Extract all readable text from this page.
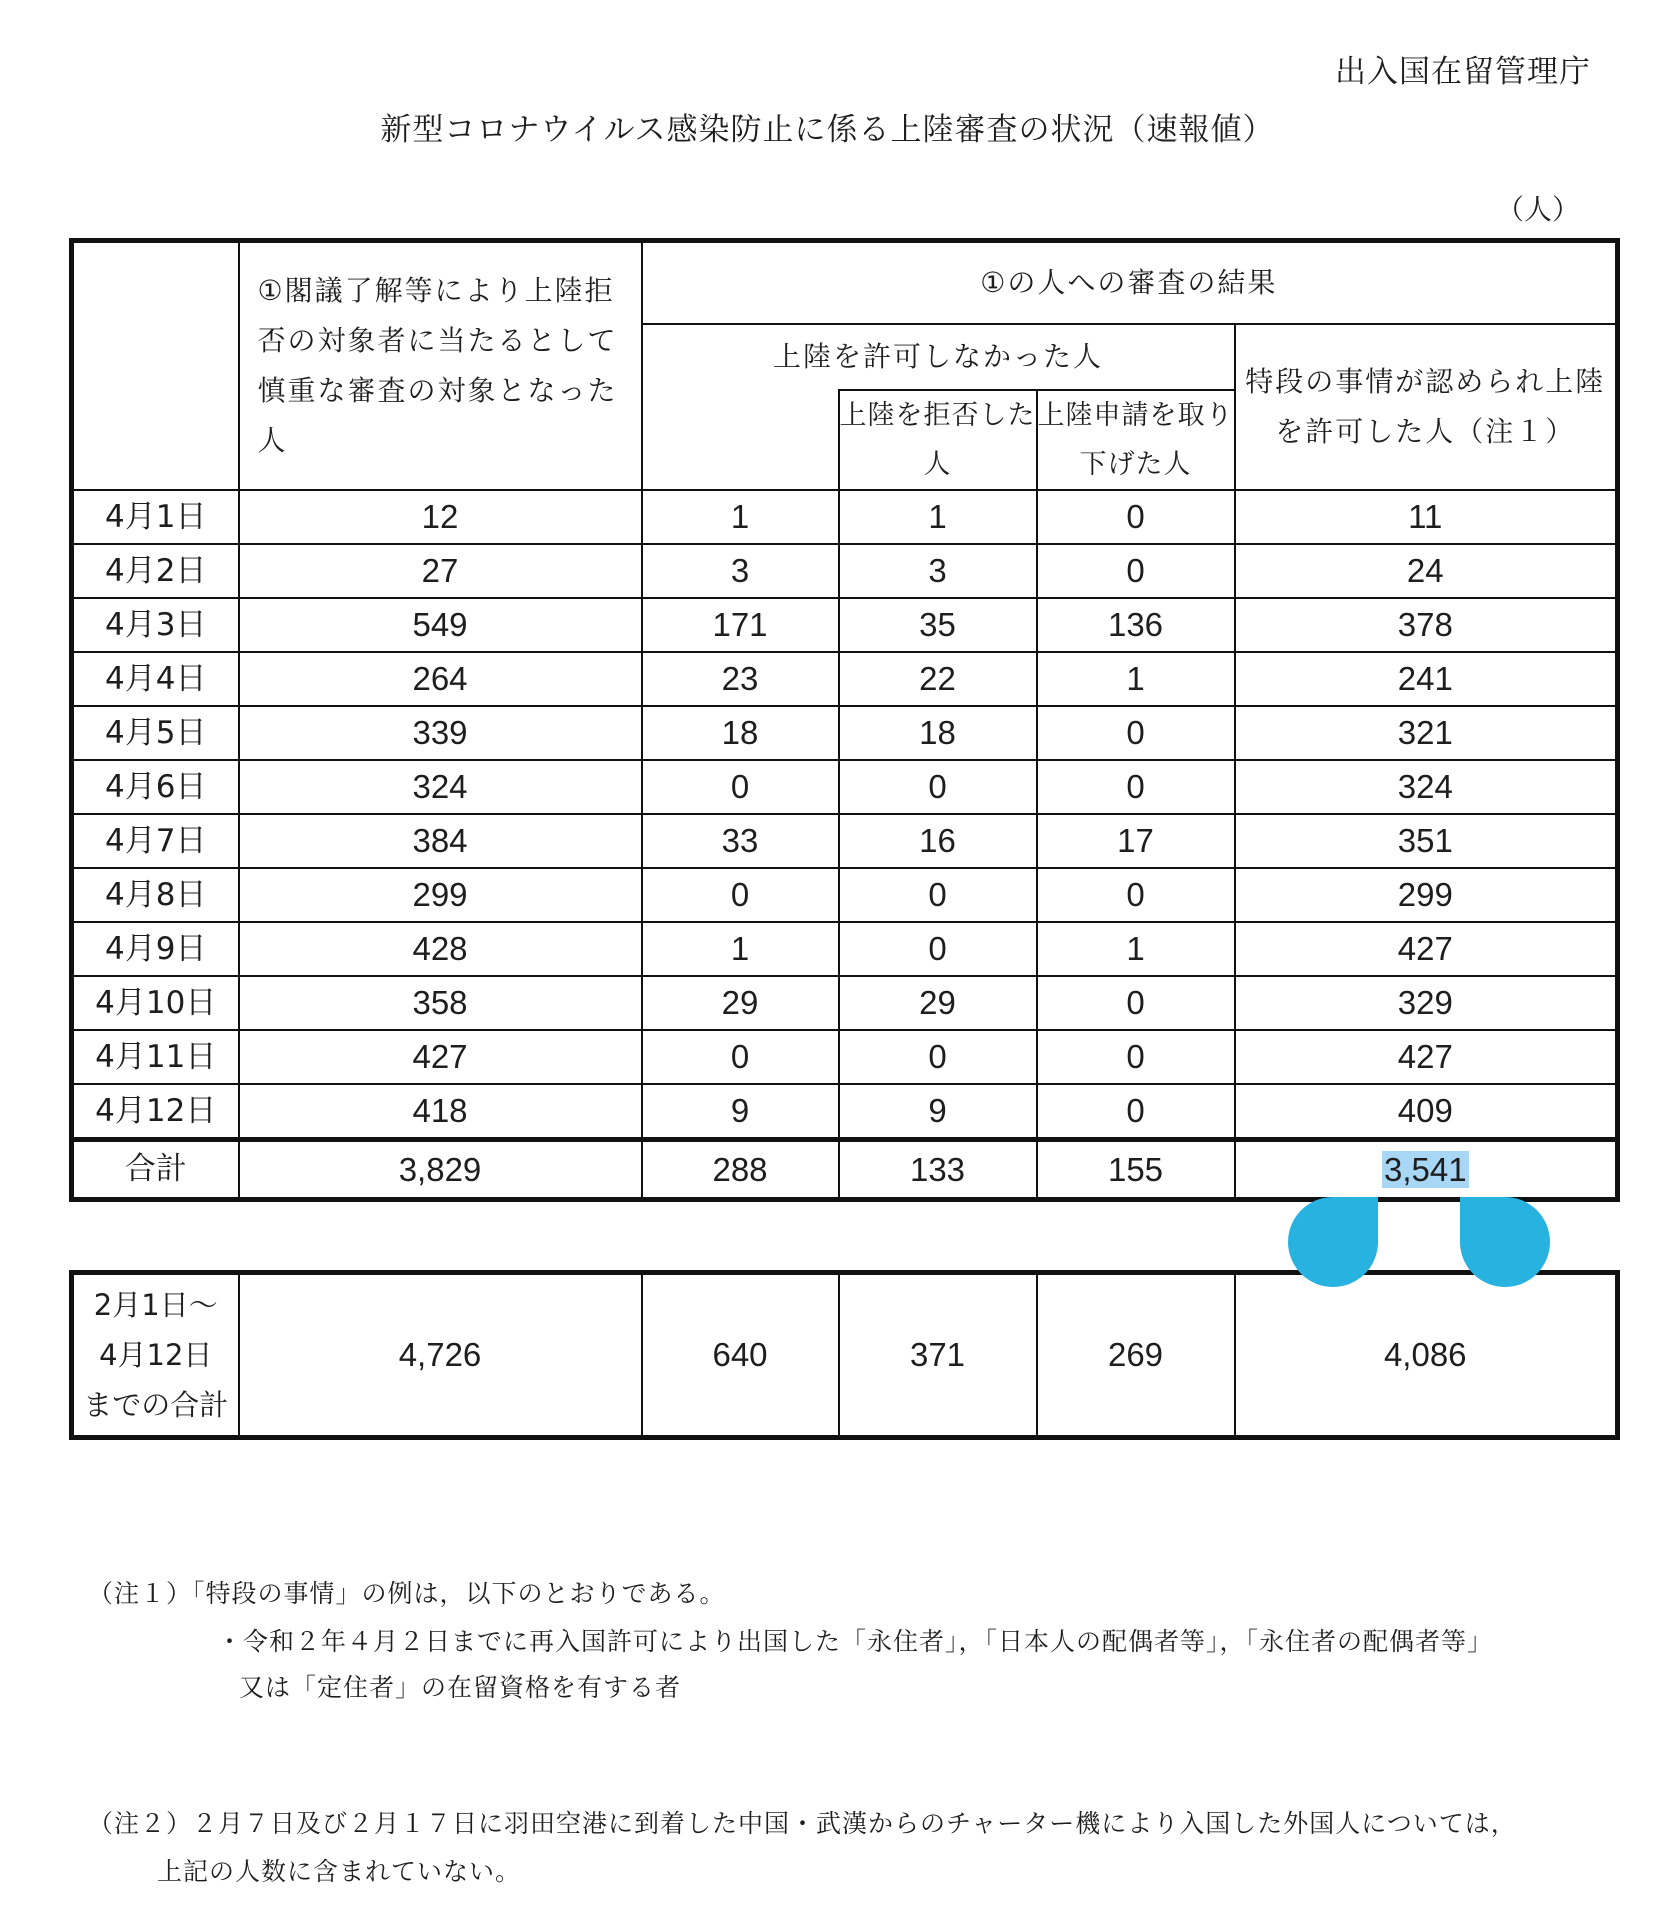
出入国在留管理庁
新型コロナウイルス感染防止に係る上陸審査の状況（速報値）
（人）
	①閣議了解等により上陸拒否の対象者に当たるとして慎重な審査の対象となった人	①の人への審査の結果			
		上陸を許可しなかった人			特段の事情が認められ上陸を許可した人（注１）
			上陸を拒否した人	上陸申請を取り下げた人	
4月1日	12	1	1	0	11
4月2日	27	3	3	0	24
4月3日	549	171	35	136	378
4月4日	264	23	22	1	241
4月5日	339	18	18	0	321
4月6日	324	0	0	0	324
4月7日	384	33	16	17	351
4月8日	299	0	0	0	299
4月9日	428	1	0	1	427
4月10日	358	29	29	0	329
4月11日	427	0	0	0	427
4月12日	418	9	9	0	409
合計	3,829	288	133	155	3,541
2月1日～
4月12日
までの合計
	4,726	640	371	269	4,086
（注１）「特段の事情」の例は，以下のとおりである。
・令和２年４月２日までに再入国許可により出国した「永住者」，「日本人の配偶者等」，「永住者の配偶者等」
又は「定住者」の在留資格を有する者
（注２）２月７日及び２月１７日に羽田空港に到着した中国・武漢からのチャーター機により入国した外国人については，
上記の人数に含まれていない。
